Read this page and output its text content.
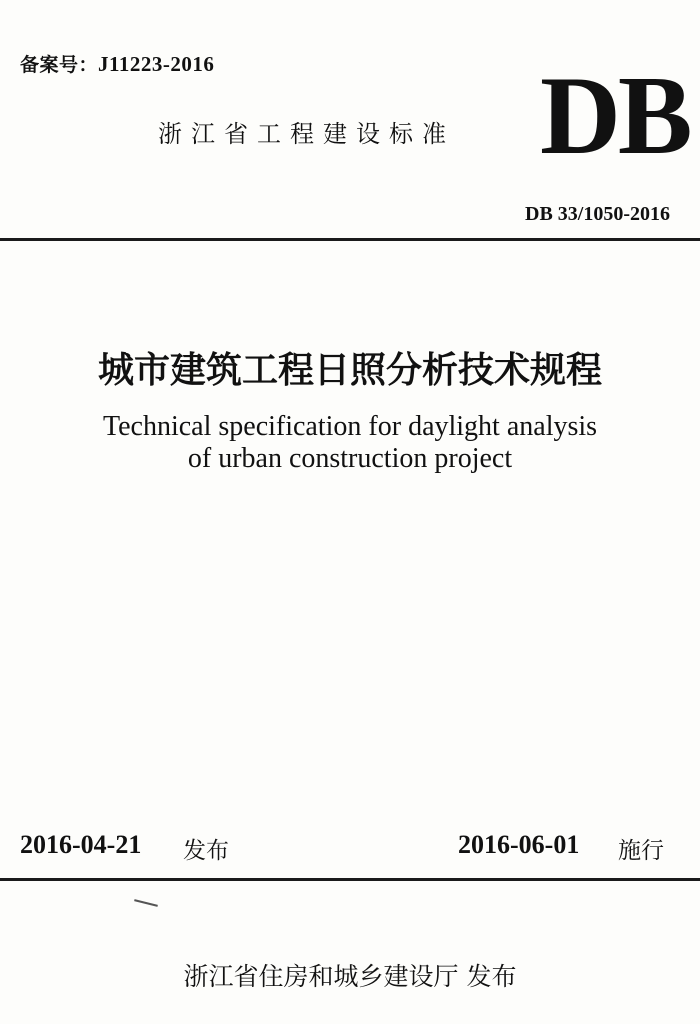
备案号：J11223-2016
浙江省工程建设标准 DB
DB 33/1050-2016
城市建筑工程日照分析技术规程
Technical specification for daylight analysis
of urban construction project
2016-04-21 发布	2016-06-01 施行
浙江省住房和城乡建设厅 发布
